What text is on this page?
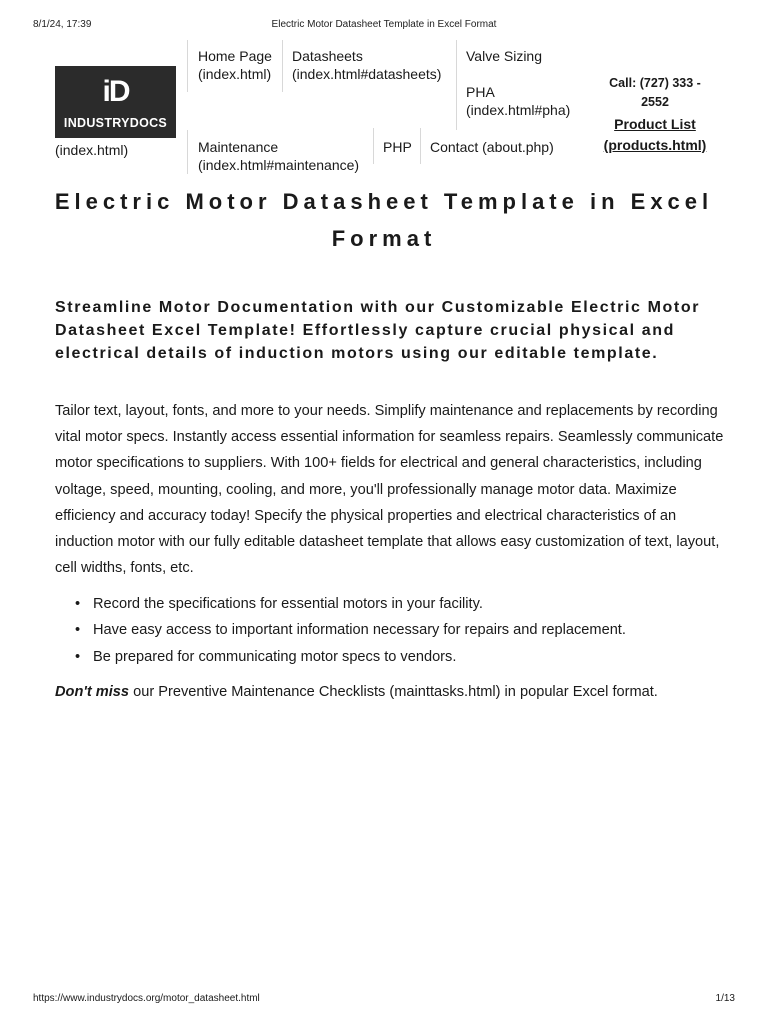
8/1/24, 17:39	Electric Motor Datasheet Template in Excel Format
iD
INDUSTRYDOCS
(index.html)
Home Page
(index.html)
Datasheets
(index.html#datasheets)
Valve Sizing
PHA
(index.html#pha)
Maintenance
(index.html#maintenance)
PHP Contact (about.php)
Call: (727) 333 -
2552
Product List
(products.html)
Electric Motor Datasheet Template in Excel Format
Streamline Motor Documentation with our Customizable Electric Motor Datasheet Excel Template! Effortlessly capture crucial physical and electrical details of induction motors using our editable template.
Tailor text, layout, fonts, and more to your needs. Simplify maintenance and replacements by recording vital motor specs. Instantly access essential information for seamless repairs. Seamlessly communicate motor specifications to suppliers. With 100+ fields for electrical and general characteristics, including voltage, speed, mounting, cooling, and more, you'll professionally manage motor data. Maximize efficiency and accuracy today! Specify the physical properties and electrical characteristics of an induction motor with our fully editable datasheet template that allows easy customization of text, layout, cell widths, fonts, etc.
• Record the specifications for essential motors in your facility.
• Have easy access to important information necessary for repairs and replacement.
• Be prepared for communicating motor specs to vendors.
Don't miss our Preventive Maintenance Checklists (mainttasks.html) in popular Excel format.
https://www.industrydocs.org/motor_datasheet.html	1/13
